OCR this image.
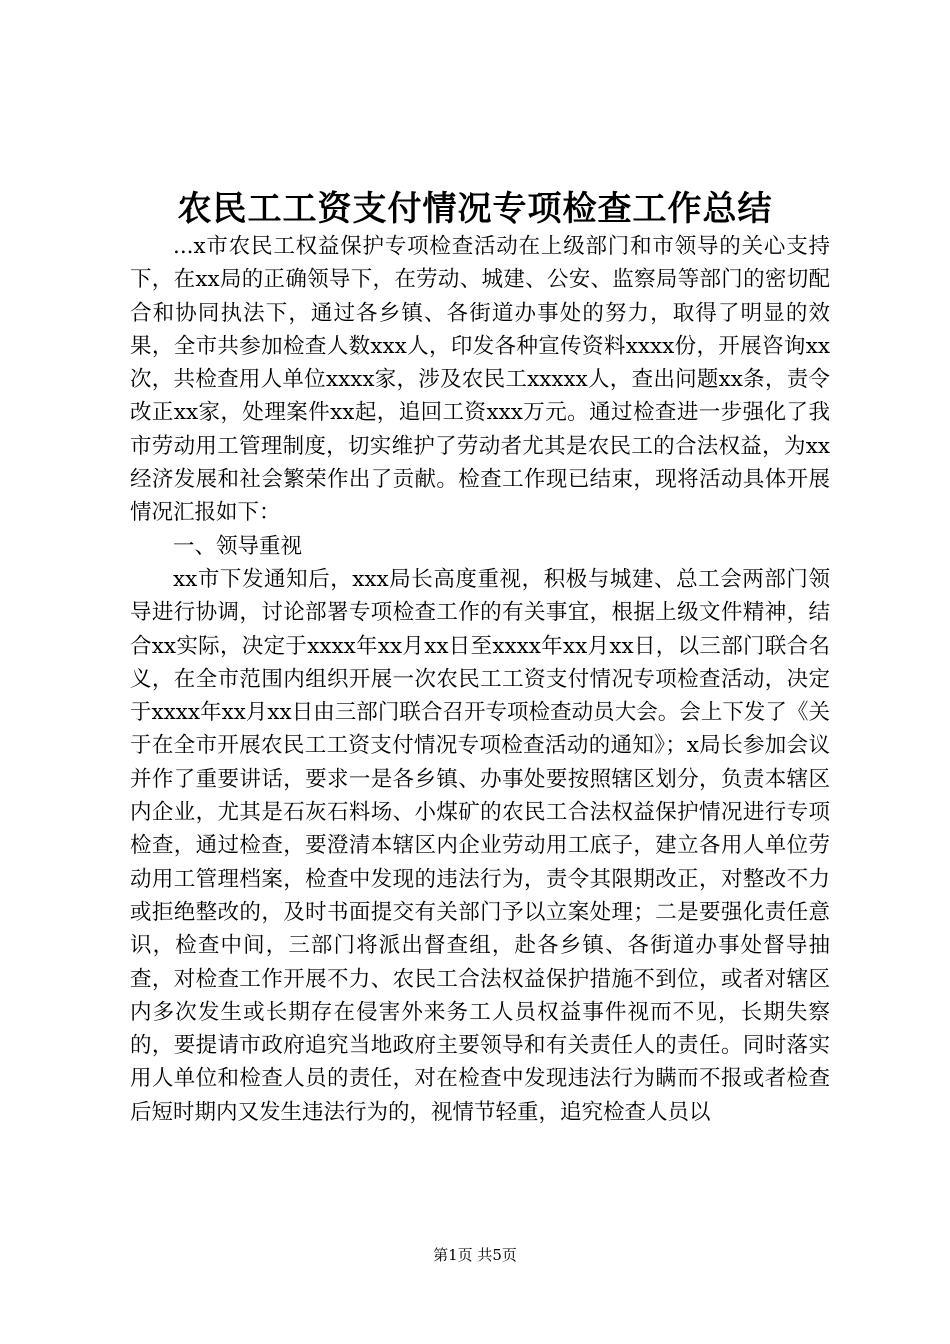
农民工工资支付情况专项检查工作总结

...x市农民工权益保护专项检查活动在上级部门和市领导的关心支持下，在xx局的正确领导下，在劳动、城建、公安、监察局等部门的密切配合和协同执法下，通过各乡镇、各街道办事处的努力，取得了明显的效果，全市共参加检查人数xxx人，印发各种宣传资料xxxx份，开展咨询xx次，共检查用人单位xxxx家，涉及农民工xxxxx人，查出问题xx条，责令改正xx家，处理案件xx起，追回工资xxx万元。通过检查进一步强化了我市劳动用工管理制度，切实维护了劳动者尤其是农民工的合法权益，为xx经济发展和社会繁荣作出了贡献。检查工作现已结束，现将活动具体开展情况汇报如下：

一、领导重视

xx市下发通知后，xxx局长高度重视，积极与城建、总工会两部门领导进行协调，讨论部署专项检查工作的有关事宜，根据上级文件精神，结合xx实际，决定于xxxx年xx月xx日至xxxx年xx月xx日，以三部门联合名义，在全市范围内组织开展一次农民工工资支付情况专项检查活动，决定于xxxx年xx月xx日由三部门联合召开专项检查动员大会。会上下发了《关于在全市开展农民工工资支付情况专项检查活动的通知》；x局长参加会议并作了重要讲话，要求一是各乡镇、办事处要按照辖区划分，负责本辖区内企业，尤其是石灰石料场、小煤矿的农民工合法权益保护情况进行专项检查，通过检查，要澄清本辖区内企业劳动用工底子，建立各用人单位劳动用工管理档案，检查中发现的违法行为，责令其限期改正，对整改不力或拒绝整改的，及时书面提交有关部门予以立案处理；二是要强化责任意识，检查中间，三部门将派出督查组，赴各乡镇、各街道办事处督导抽查，对检查工作开展不力、农民工合法权益保护措施不到位，或者对辖区内多次发生或长期存在侵害外来务工人员权益事件视而不见，长期失察的，要提请市政府追究当地政府主要领导和有关责任人的责任。同时落实用人单位和检查人员的责任，对在检查中发现违法行为瞒而不报或者检查后短时期内又发生违法行为的，视情节轻重，追究检查人员以

第1页 共5页
